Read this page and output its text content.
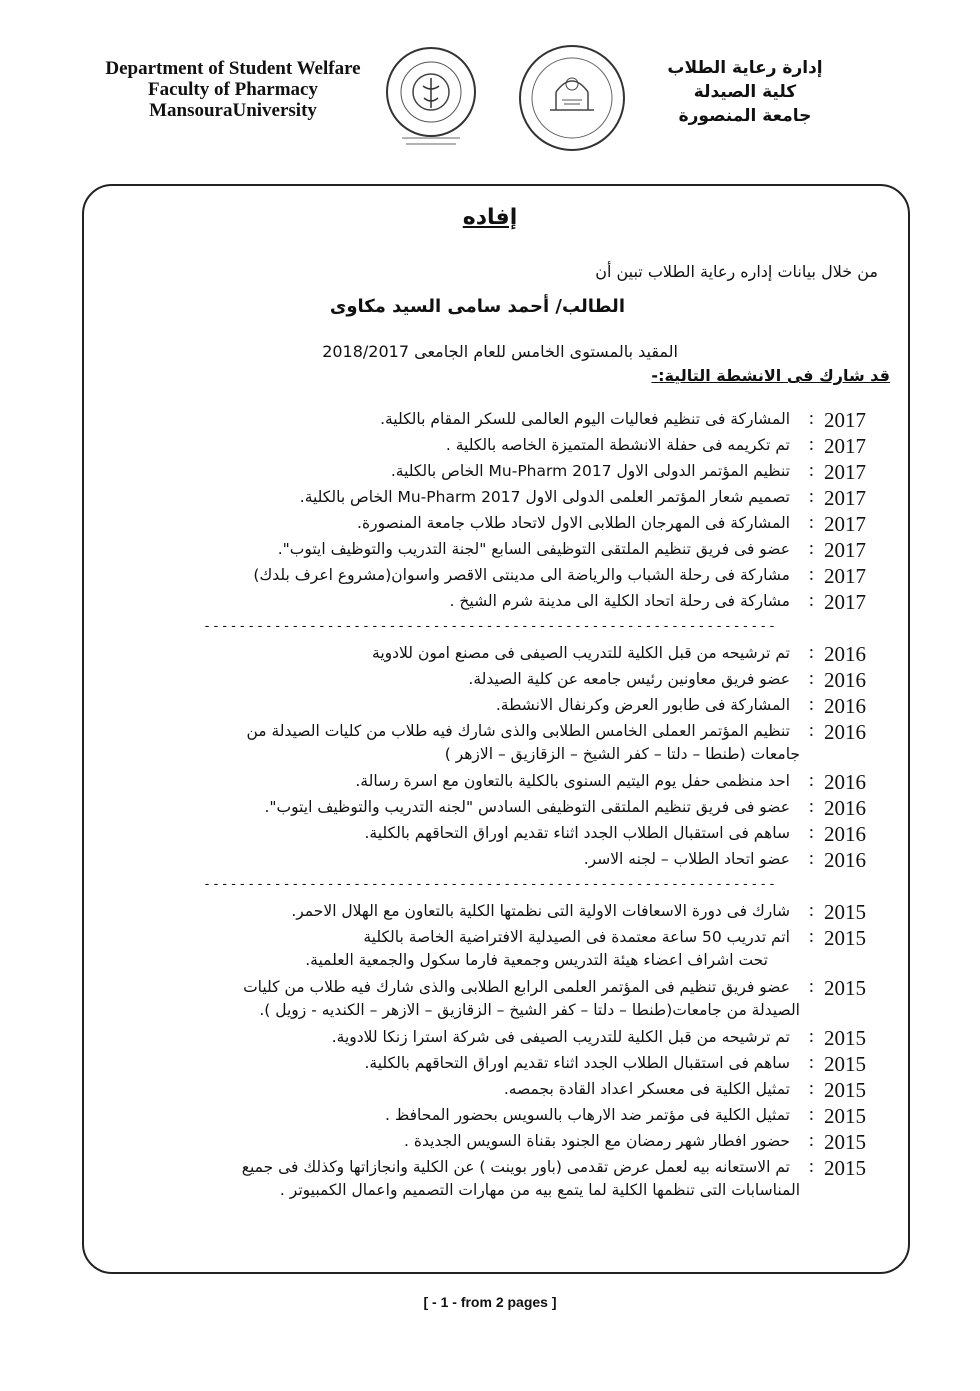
Department of Student Welfare
Faculty of Pharmacy
MansouraUniversity
إدارة رعاية الطلاب
كلية الصيدلة
جامعة المنصورة
إفاده
من خلال بيانات إداره رعاية الطلاب تبين أن
الطالب/ أحمد سامى السيد مكاوى
المقيد بالمستوى الخامس للعام الجامعى 2018/2017
قد شارك فى الانشطة التالية:-
2017
:
المشاركة فى تنظيم فعاليات اليوم العالمى للسكر المقام بالكلية.
2017
:
تم تكريمه فى حفلة الانشطة المتميزة الخاصه بالكلية .
2017
:
تنظيم المؤتمر الدولى الاول Mu-Pharm 2017 الخاص بالكلية.
2017
:
تصميم شعار المؤتمر العلمى الدولى الاول Mu-Pharm 2017 الخاص بالكلية.
2017
:
المشاركة فى المهرجان الطلابى الاول لاتحاد طلاب جامعة المنصورة.
2017
:
عضو فى فريق تنظيم الملتقى التوظيفى السابع "لجنة التدريب والتوظيف ايتوب".
2017
:
مشاركة فى رحلة الشباب والرياضة الى مدينتى الاقصر واسوان(مشروع اعرف بلدك)
2017
:
مشاركة فى رحلة اتحاد الكلية الى مدينة شرم الشيخ .
-----------------------------------------------------------------
2016
:
تم ترشيحه من قبل الكلية للتدريب الصيفى فى مصنع امون للادوية
2016
:
عضو فريق معاونين رئيس جامعه عن كلية الصيدلة.
2016
:
المشاركة فى طابور العرض وكرنفال الانشطة.
2016
:
تنظيم المؤتمر العملى الخامس الطلابى والذى شارك فيه طلاب من كليات الصيدلة من
جامعات (طنطا – دلتا – كفر الشيخ – الزقازيق – الازهر )
2016
:
احد منظمى حفل يوم اليتيم السنوى بالكلية بالتعاون مع اسرة رسالة.
2016
:
عضو فى فريق تنظيم الملتقى التوظيفى السادس "لجنه التدريب والتوظيف ايتوب".
2016
:
ساهم فى استقبال الطلاب الجدد اثناء تقديم اوراق التحاقهم بالكلية.
2016
:
عضو اتحاد الطلاب – لجنه الاسر.
-----------------------------------------------------------------
2015
:
شارك فى دورة الاسعافات الاولية التى نظمتها الكلية بالتعاون مع الهلال الاحمر.
2015
:
اتم تدريب 50 ساعة معتمدة فى الصيدلية الافتراضية الخاصة بالكلية
تحت اشراف اعضاء هيئة التدريس وجمعية فارما سكول والجمعية العلمية.
2015
:
عضو فريق تنظيم فى المؤتمر العلمى الرابع الطلابى والذى شارك فيه طلاب من كليات
الصيدلة من جامعات(طنطا – دلتا – كفر الشيخ – الزقازيق – الازهر – الكنديه - زويل ).
2015
:
تم ترشيحه من قبل الكلية للتدريب الصيفى فى شركة استرا زنكا للادوية.
2015
:
ساهم فى استقبال الطلاب الجدد اثناء تقديم اوراق التحاقهم بالكلية.
2015
:
تمثيل الكلية فى معسكر اعداد القادة بجمصه.
2015
:
تمثيل الكلية فى مؤتمر ضد الارهاب بالسويس بحضور المحافظ .
2015
:
حضور افطار شهر رمضان مع الجنود بقناة السويس الجديدة .
2015
:
تم الاستعانه بيه لعمل عرض تقدمى (باور بوينت ) عن الكلية وانجازاتها وكذلك فى جميع
المناسابات التى تنظمها الكلية لما يتمع بيه من مهارات التصميم واعمال الكمبيوتر .
[ - 1 - from 2 pages ]
